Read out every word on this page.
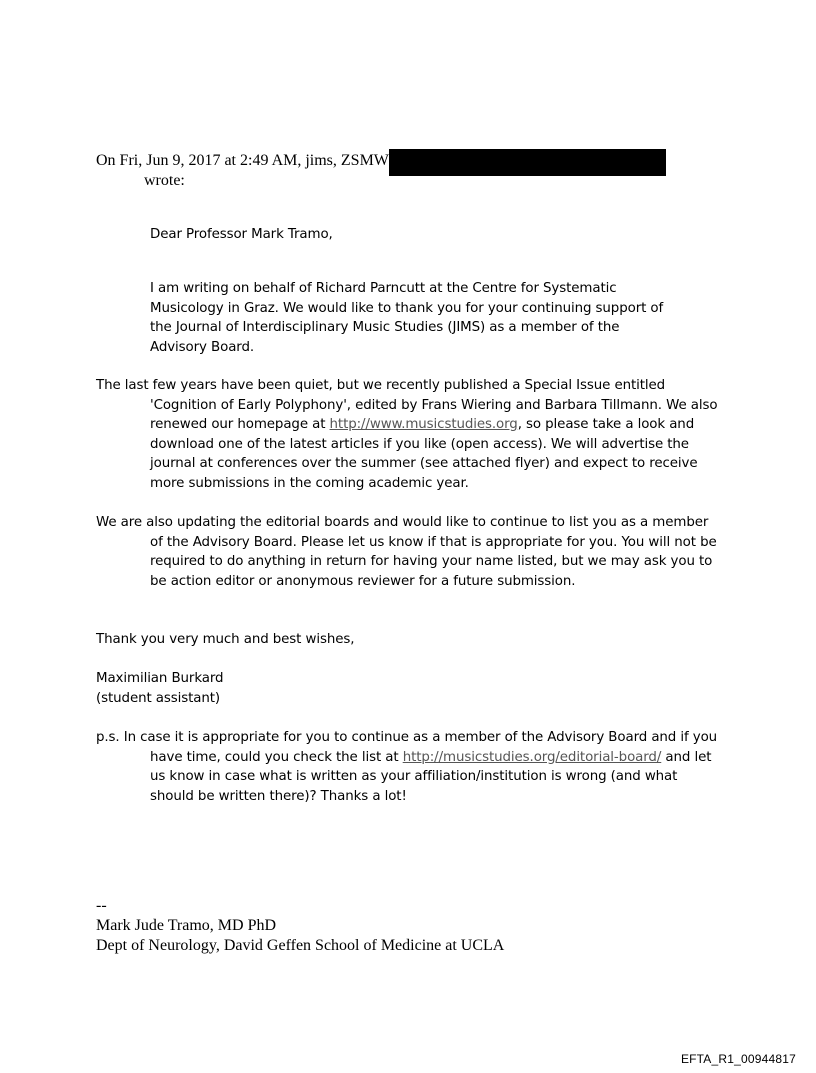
On Fri, Jun 9, 2017 at 2:49 AM, jims, ZSMW
wrote:
Dear Professor Mark Tramo,
I am writing on behalf of Richard Parncutt at the Centre for Systematic
Musicology in Graz. We would like to thank you for your continuing support of
the Journal of Interdisciplinary Music Studies (JIMS) as a member of the
Advisory Board.

The last few years have been quiet, but we recently published a Special Issue entitled 'Cognition of Early Polyphony', edited by Frans Wiering and Barbara Tillmann. We also renewed our homepage at http://www.musicstudies.org, so please take a look and download one of the latest articles if you like (open access). We will advertise the journal at conferences over the summer (see attached flyer) and expect to receive more submissions in the coming academic year.

We are also updating the editorial boards and would like to continue to list you as a member of the Advisory Board. Please let us know if that is appropriate for you. You will not be required to do anything in return for having your name listed, but we may ask you to be action editor or anonymous reviewer for a future submission.

Thank you very much and best wishes,
Maximilian Burkard
(student assistant)

p.s. In case it is appropriate for you to continue as a member of the Advisory Board and if you have time, could you check the list at http://musicstudies.org/editorial-board/ and let us know in case what is written as your affiliation/institution is wrong (and what should be written there)? Thanks a lot!

--
Mark Jude Tramo, MD PhD
Dept of Neurology, David Geffen School of Medicine at UCLA
EFTA_R1_00944817
